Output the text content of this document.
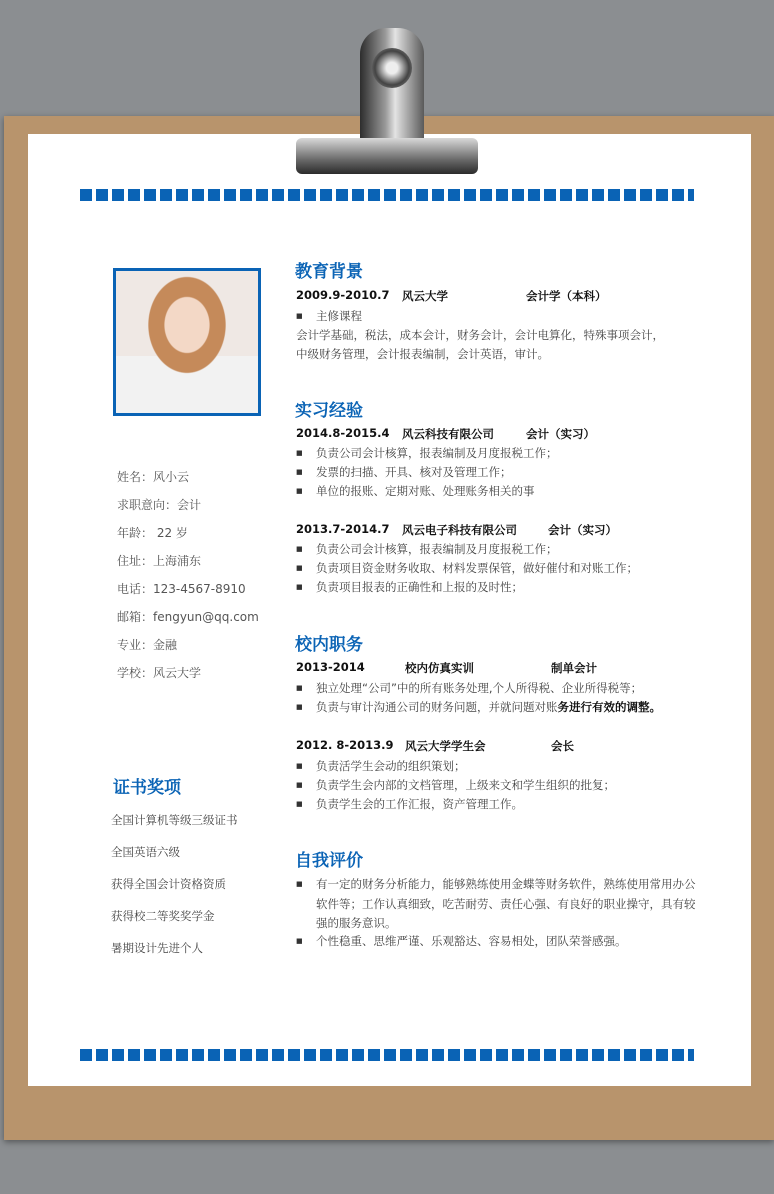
姓名：风小云
求职意向：会计
年龄： 22 岁
住址：上海浦东
电话：123-4567-8910
邮箱：fengyun@qq.com
专业：金融
学校：风云大学
证书奖项
全国计算机等级三级证书
全国英语六级
获得全国会计资格资质
获得校二等奖奖学金
暑期设计先进个人
教育背景
2009.9-2010.7 风云大学	会计学（本科）
■ 主修课程
会计学基础，税法，成本会计，财务会计，会计电算化，特殊事项会计，
中级财务管理，会计报表编制，会计英语，审计。
实习经验
2014.8-2015.4 风云科技有限公司	会计（实习）
■ 负责公司会计核算，报表编制及月度报税工作；
■ 发票的扫描、开具、核对及管理工作；
■ 单位的报账、定期对账、处理账务相关的事
2013.7-2014.7 风云电子科技有限公司	会计（实习）
■ 负责公司会计核算，报表编制及月度报税工作；
■ 负责项目资金财务收取、材料发票保管，做好催付和对账工作；
■ 负责项目报表的正确性和上报的及时性；
校内职务
2013-2014	校内仿真实训	制单会计
■ 独立处理“公司”中的所有账务处理,个人所得税、企业所得税等；
■ 负责与审计沟通公司的财务问题，并就问题对账务进行有效的调整。
2012. 8-2013.9 风云大学学生会	会长
■ 负责活学生会动的组织策划；
■ 负责学生会内部的文档管理，上级来文和学生组织的批复；
■ 负责学生会的工作汇报，资产管理工作。
自我评价
■ 有一定的财务分析能力，能够熟练使用金蝶等财务软件，熟练使用常用办公
软件等；工作认真细致，吃苦耐劳、责任心强、有良好的职业操守，具有较
强的服务意识。
■ 个性稳重、思维严谨、乐观豁达、容易相处，团队荣誉感强。
